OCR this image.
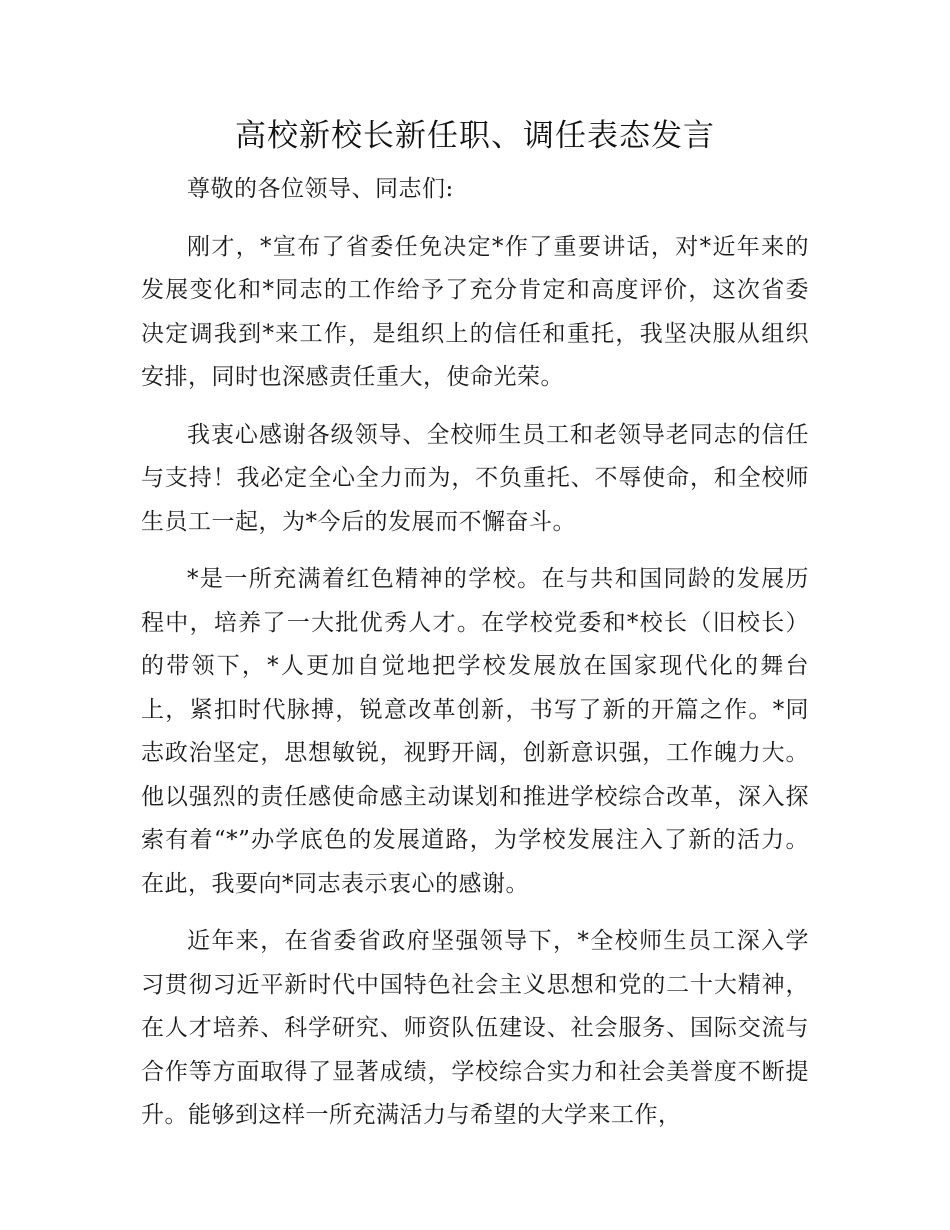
高校新校长新任职、调任表态发言

尊敬的各位领导、同志们:

刚才，*宣布了省委任免决定*作了重要讲话，对*近年来的发展变化和*同志的工作给予了充分肯定和高度评价，这次省委决定调我到*来工作，是组织上的信任和重托，我坚决服从组织安排，同时也深感责任重大，使命光荣。

我衷心感谢各级领导、全校师生员工和老领导老同志的信任与支持！我必定全心全力而为，不负重托、不辱使命，和全校师生员工一起，为*今后的发展而不懈奋斗。

*是一所充满着红色精神的学校。在与共和国同龄的发展历程中，培养了一大批优秀人才。在学校党委和*校长（旧校长）的带领下，*人更加自觉地把学校发展放在国家现代化的舞台上，紧扣时代脉搏，锐意改革创新，书写了新的开篇之作。*同志政治坚定，思想敏锐，视野开阔，创新意识强，工作魄力大。他以强烈的责任感使命感主动谋划和推进学校综合改革，深入探索有着“*”办学底色的发展道路，为学校发展注入了新的活力。在此，我要向*同志表示衷心的感谢。

近年来，在省委省政府坚强领导下，*全校师生员工深入学习贯彻习近平新时代中国特色社会主义思想和党的二十大精神，在人才培养、科学研究、师资队伍建设、社会服务、国际交流与合作等方面取得了显著成绩，学校综合实力和社会美誉度不断提升。能够到这样一所充满活力与希望的大学来工作，
